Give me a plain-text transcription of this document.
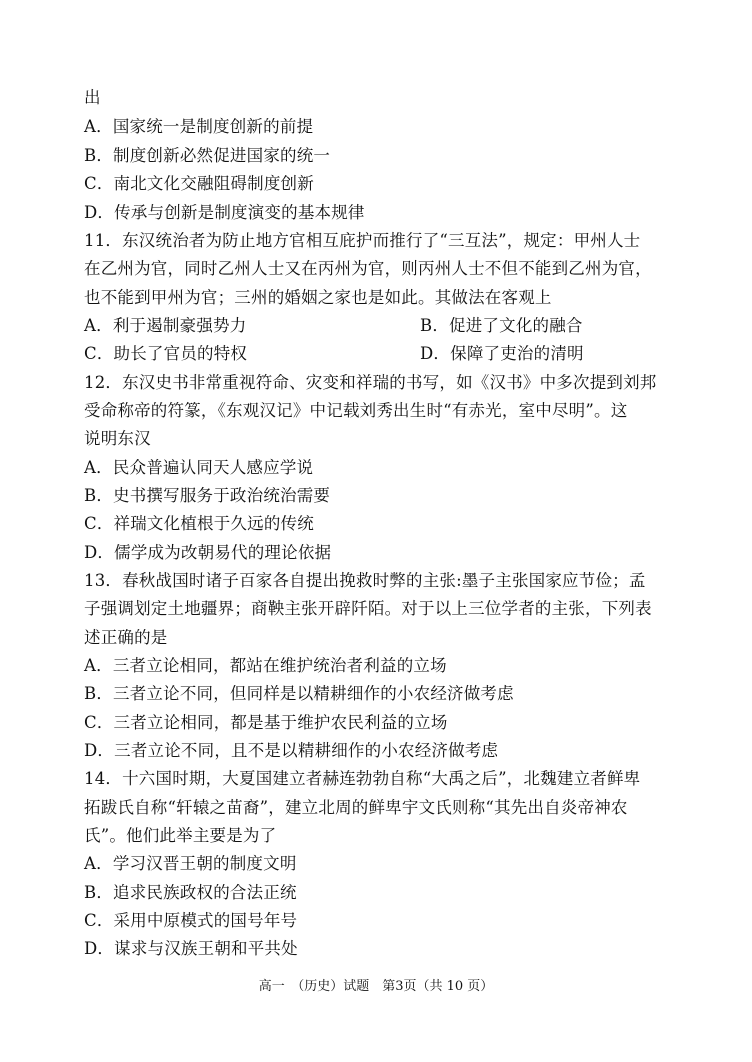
出
A．国家统一是制度创新的前提
B．制度创新必然促进国家的统一
C．南北文化交融阻碍制度创新
D．传承与创新是制度演变的基本规律
11．东汉统治者为防止地方官相互庇护而推行了“三互法”，规定：甲州人士
在乙州为官，同时乙州人士又在丙州为官，则丙州人士不但不能到乙州为官，
也不能到甲州为官；三州的婚姻之家也是如此。其做法在客观上
A．利于遏制豪强势力	B．促进了文化的融合
C．助长了官员的特权	D．保障了吏治的清明
12．东汉史书非常重视符命、灾变和祥瑞的书写，如《汉书》中多次提到刘邦
受命称帝的符篆，《东观汉记》中记载刘秀出生时“有赤光，室中尽明”。这
说明东汉
A．民众普遍认同天人感应学说
B．史书撰写服务于政治统治需要
C．祥瑞文化植根于久远的传统
D．儒学成为改朝易代的理论依据
13．春秋战国时诸子百家各自提出挽救时弊的主张:墨子主张国家应节俭；孟
子强调划定土地疆界；商鞅主张开辟阡陌。对于以上三位学者的主张，下列表
述正确的是
A．三者立论相同，都站在维护统治者利益的立场
B．三者立论不同，但同样是以精耕细作的小农经济做考虑
C．三者立论相同，都是基于维护农民利益的立场
D．三者立论不同，且不是以精耕细作的小农经济做考虑
14．十六国时期，大夏国建立者赫连勃勃自称“大禹之后”，北魏建立者鲜卑
拓跋氏自称“轩辕之苗裔”，建立北周的鲜卑宇文氏则称“其先出自炎帝神农
氏”。他们此举主要是为了
A．学习汉晋王朝的制度文明
B．追求民族政权的合法正统
C．采用中原模式的国号年号
D．谋求与汉族王朝和平共处
高一　（历史）试题　第3页（共 10 页）
